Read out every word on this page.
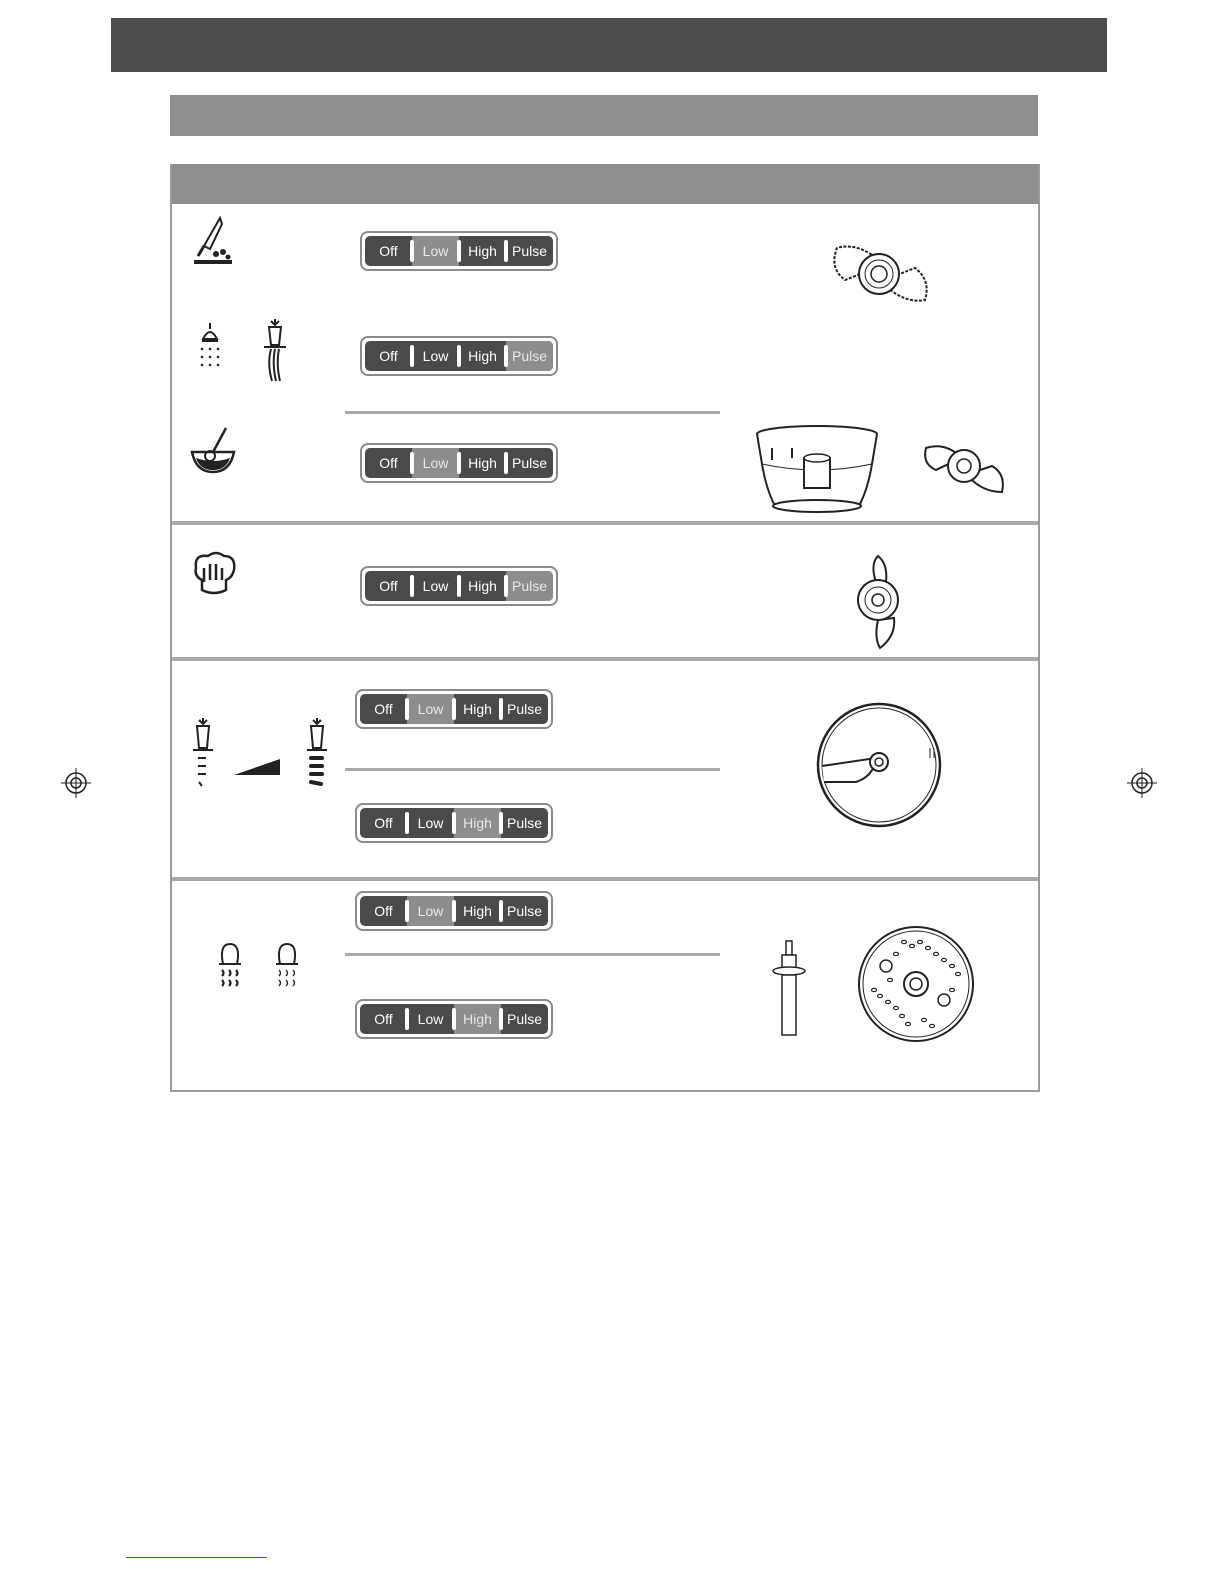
Off	Low	High	Pulse
Off	Low	High	Pulse
Off	Low	High	Pulse
Off	Low	High	Pulse
Off	Low	High	Pulse
Off	Low	High	Pulse
Off	Low	High	Pulse
Off	Low	High	Pulse
